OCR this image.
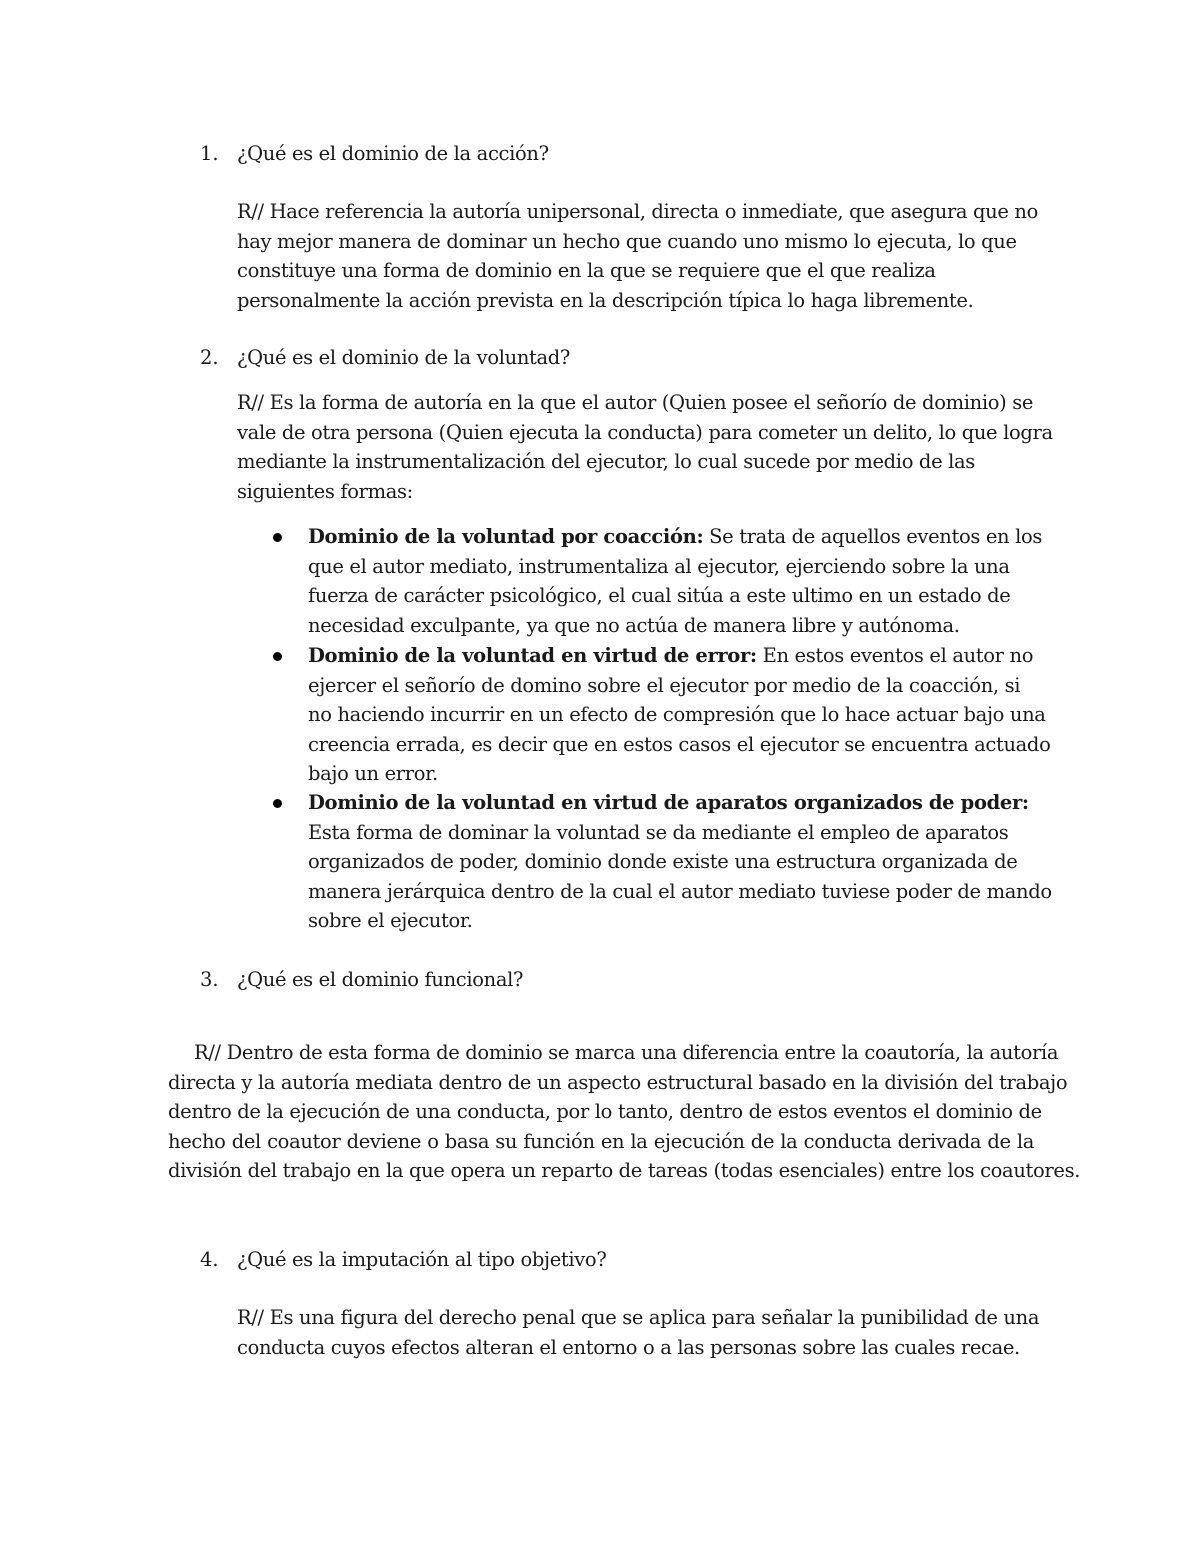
1. ¿Qué es el dominio de la acción?
R// Hace referencia la autoría unipersonal, directa o inmediate, que asegura que no
hay mejor manera de dominar un hecho que cuando uno mismo lo ejecuta, lo que
constituye una forma de dominio en la que se requiere que el que realiza
personalmente la acción prevista en la descripción típica lo haga libremente.
2. ¿Qué es el dominio de la voluntad?
R// Es la forma de autoría en la que el autor (Quien posee el señorío de dominio) se
vale de otra persona (Quien ejecuta la conducta) para cometer un delito, lo que logra
mediante la instrumentalización del ejecutor, lo cual sucede por medio de las
siguientes formas:
Dominio de la voluntad por coacción: Se trata de aquellos eventos en los
que el autor mediato, instrumentaliza al ejecutor, ejerciendo sobre la una
fuerza de carácter psicológico, el cual sitúa a este ultimo en un estado de
necesidad exculpante, ya que no actúa de manera libre y autónoma.
Dominio de la voluntad en virtud de error: En estos eventos el autor no
ejercer el señorío de domino sobre el ejecutor por medio de la coacción, si
no haciendo incurrir en un efecto de compresión que lo hace actuar bajo una
creencia errada, es decir que en estos casos el ejecutor se encuentra actuado
bajo un error.
Dominio de la voluntad en virtud de aparatos organizados de poder:
Esta forma de dominar la voluntad se da mediante el empleo de aparatos
organizados de poder, dominio donde existe una estructura organizada de
manera jerárquica dentro de la cual el autor mediato tuviese poder de mando
sobre el ejecutor.
3. ¿Qué es el dominio funcional?
R// Dentro de esta forma de dominio se marca una diferencia entre la coautoría, la autoría
directa y la autoría mediata dentro de un aspecto estructural basado en la división del trabajo
dentro de la ejecución de una conducta, por lo tanto, dentro de estos eventos el dominio de
hecho del coautor deviene o basa su función en la ejecución de la conducta derivada de la
división del trabajo en la que opera un reparto de tareas (todas esenciales) entre los coautores.
4. ¿Qué es la imputación al tipo objetivo?
R// Es una figura del derecho penal que se aplica para señalar la punibilidad de una
conducta cuyos efectos alteran el entorno o a las personas sobre las cuales recae.
